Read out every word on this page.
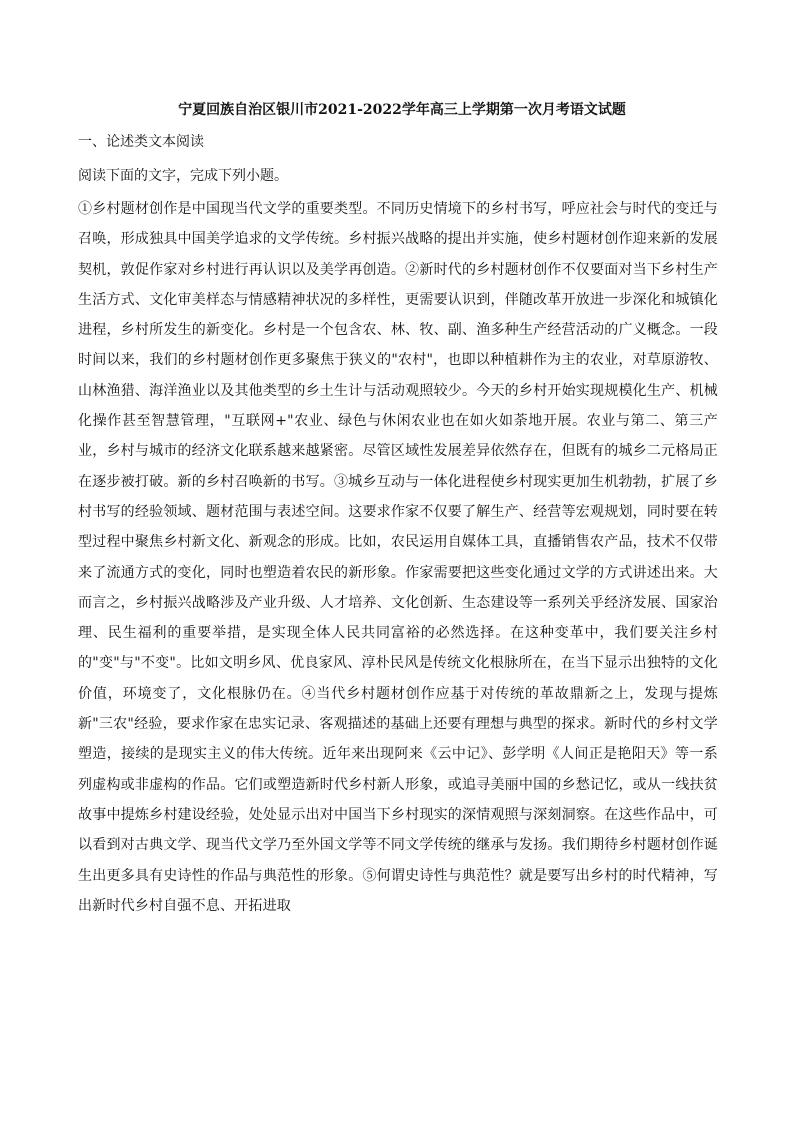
宁夏回族自治区银川市2021-2022学年高三上学期第一次月考语文试题
一、论述类文本阅读
阅读下面的文字，完成下列小题。

①乡村题材创作是中国现当代文学的重要类型。不同历史情境下的乡村书写，呼应社会与时代的变迁与召唤，形成独具中国美学追求的文学传统。乡村振兴战略的提出并实施，使乡村题材创作迎来新的发展契机，敦促作家对乡村进行再认识以及美学再创造。②新时代的乡村题材创作不仅要面对当下乡村生产生活方式、文化审美样态与情感精神状况的多样性，更需要认识到，伴随改革开放进一步深化和城镇化进程，乡村所发生的新变化。乡村是一个包含农、林、牧、副、渔多种生产经营活动的广义概念。一段时间以来，我们的乡村题材创作更多聚焦于狭义的"农村"，也即以种植耕作为主的农业，对草原游牧、山林渔猎、海洋渔业以及其他类型的乡土生计与活动观照较少。今天的乡村开始实现规模化生产、机械化操作甚至智慧管理，"互联网+"农业、绿色与休闲农业也在如火如荼地开展。农业与第二、第三产业，乡村与城市的经济文化联系越来越紧密。尽管区域性发展差异依然存在，但既有的城乡二元格局正在逐步被打破。新的乡村召唤新的书写。③城乡互动与一体化进程使乡村现实更加生机勃勃，扩展了乡村书写的经验领域、题材范围与表述空间。这要求作家不仅要了解生产、经营等宏观规划，同时要在转型过程中聚焦乡村新文化、新观念的形成。比如，农民运用自媒体工具，直播销售农产品，技术不仅带来了流通方式的变化，同时也塑造着农民的新形象。作家需要把这些变化通过文学的方式讲述出来。大而言之，乡村振兴战略涉及产业升级、人才培养、文化创新、生态建设等一系列关乎经济发展、国家治理、民生福利的重要举措，是实现全体人民共同富裕的必然选择。在这种变革中，我们要关注乡村的"变"与"不变"。比如文明乡风、优良家风、淳朴民风是传统文化根脉所在，在当下显示出独特的文化价值，环境变了，文化根脉仍在。④当代乡村题材创作应基于对传统的革故鼎新之上，发现与提炼新"三农"经验，要求作家在忠实记录、客观描述的基础上还要有理想与典型的探求。新时代的乡村文学塑造，接续的是现实主义的伟大传统。近年来出现阿来《云中记》、彭学明《人间正是艳阳天》等一系列虚构或非虚构的作品。它们或塑造新时代乡村新人形象，或追寻美丽中国的乡愁记忆，或从一线扶贫故事中提炼乡村建设经验，处处显示出对中国当下乡村现实的深情观照与深刻洞察。在这些作品中，可以看到对古典文学、现当代文学乃至外国文学等不同文学传统的继承与发扬。我们期待乡村题材创作诞生出更多具有史诗性的作品与典范性的形象。⑤何谓史诗性与典范性？就是要写出乡村的时代精神，写出新时代乡村自强不息、开拓进取
